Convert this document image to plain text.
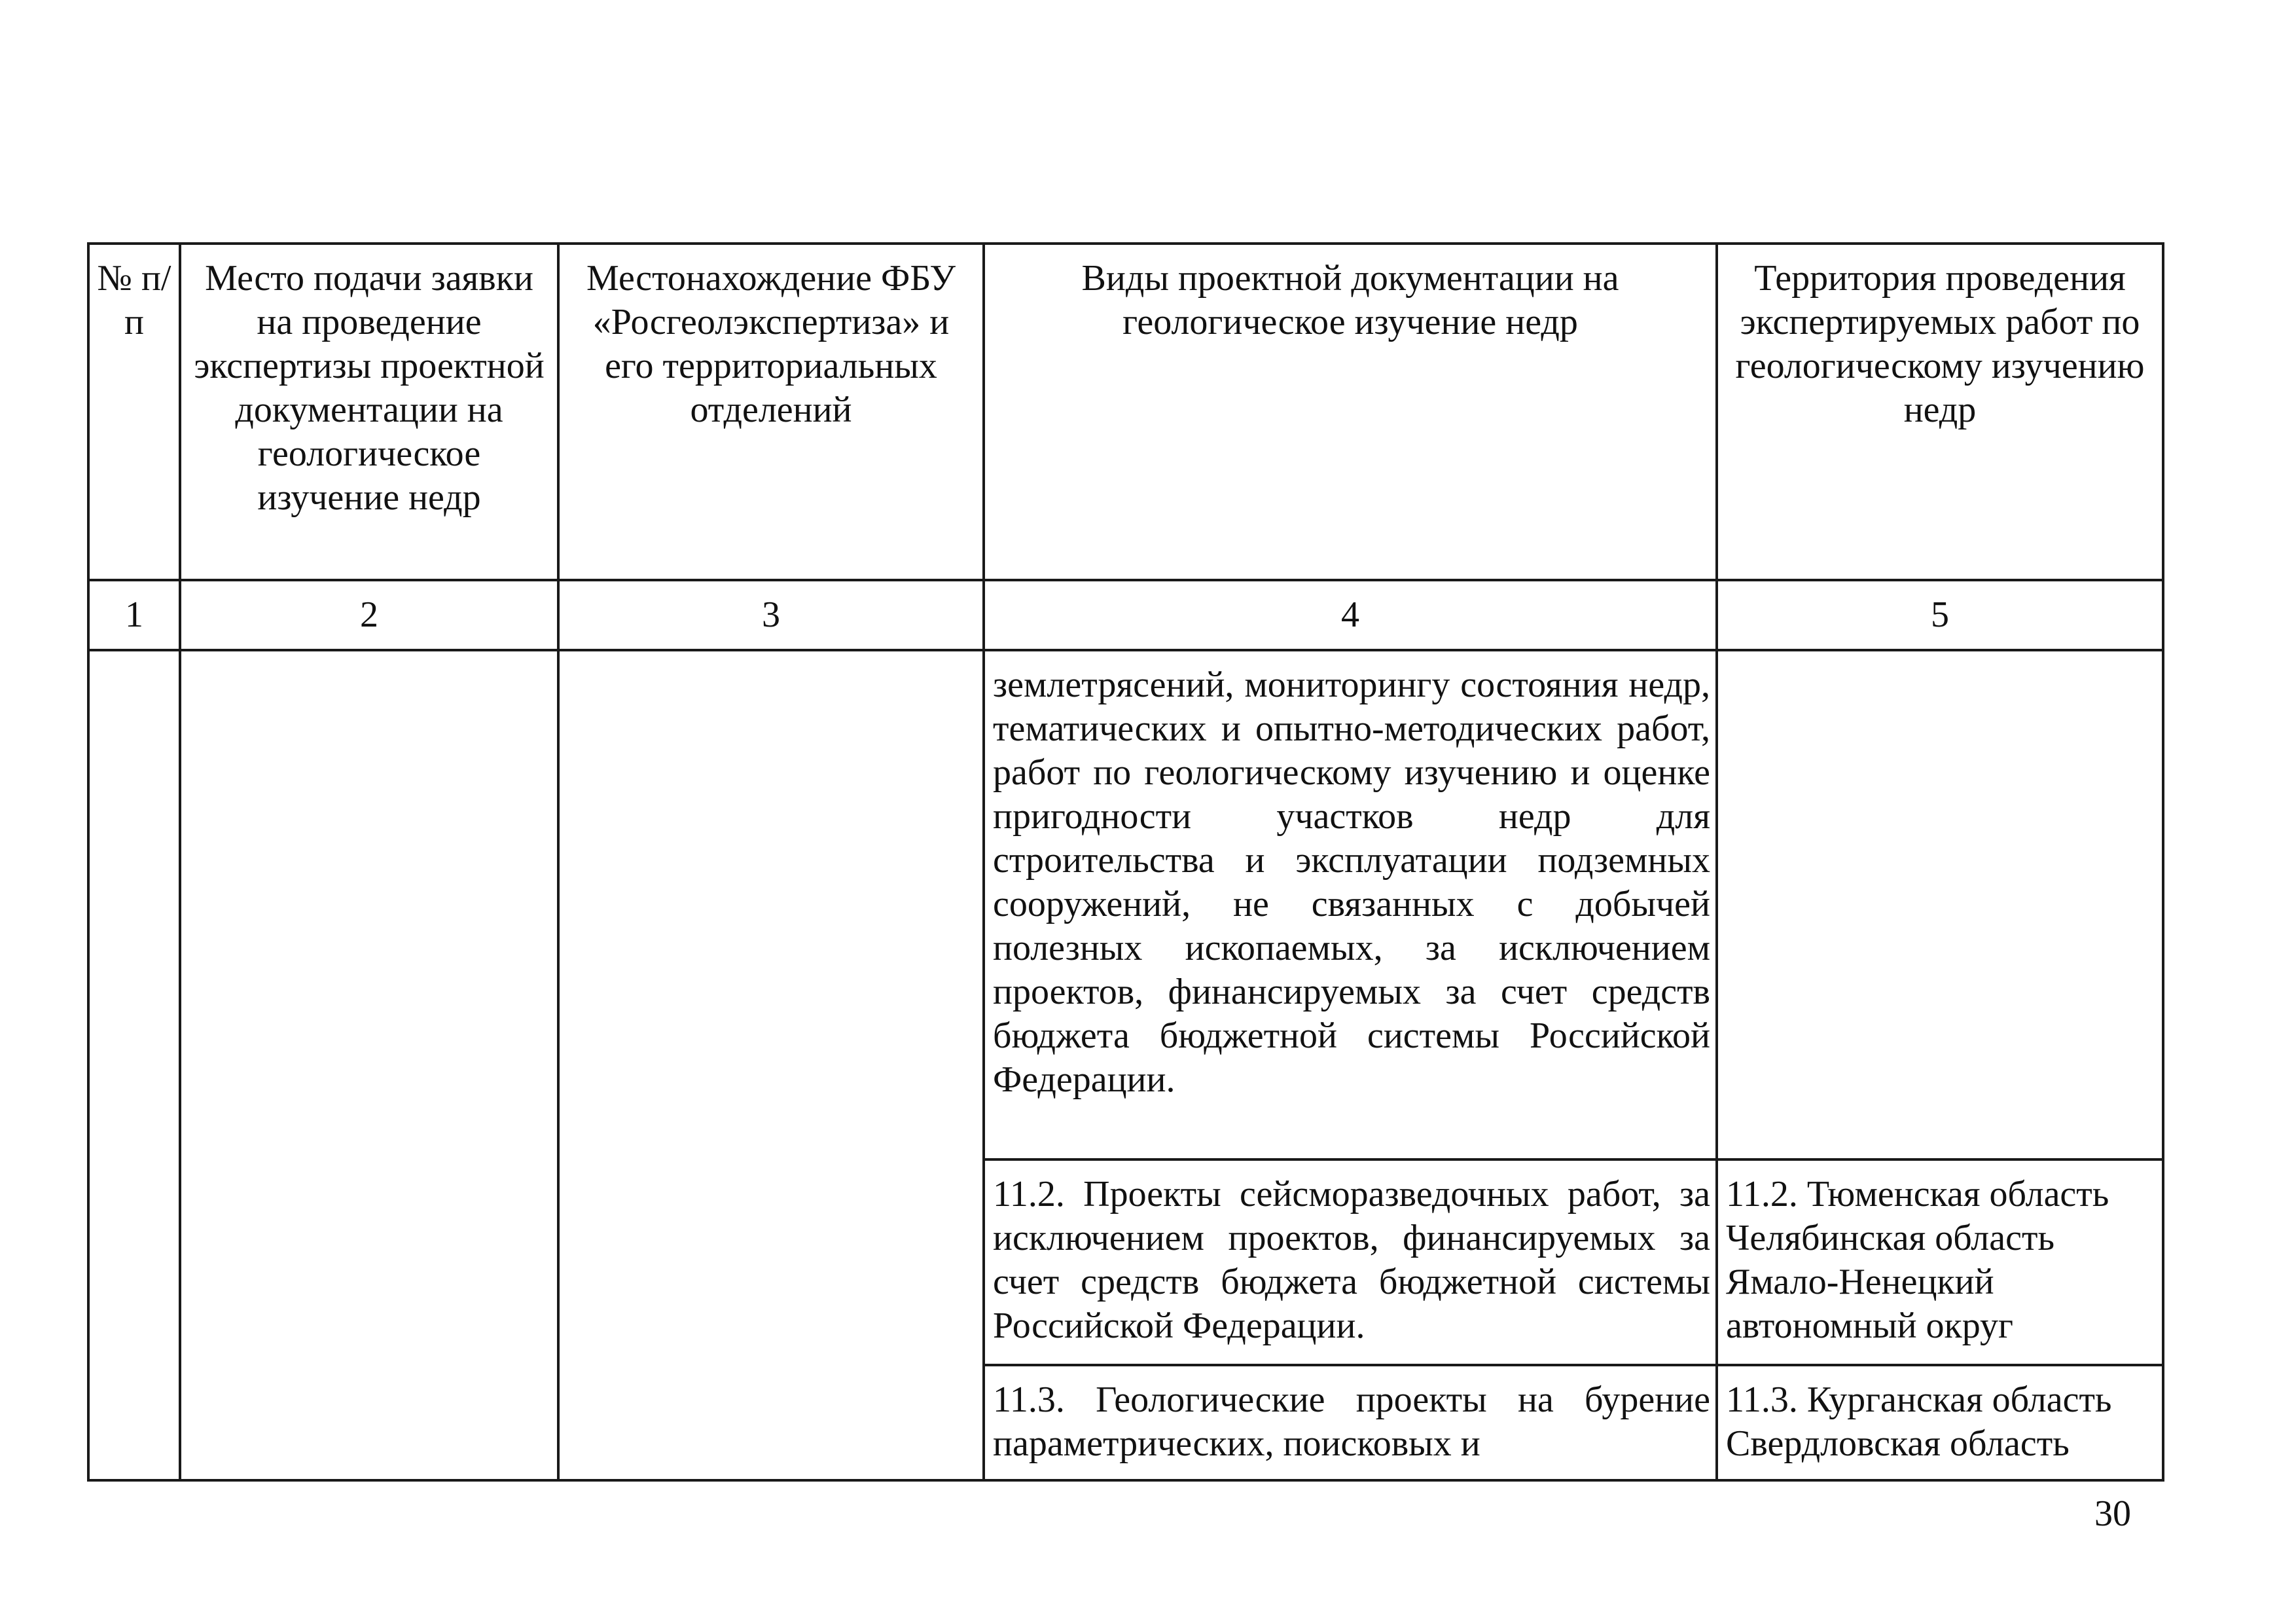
№ п/п	Место подачи заявки на проведение экспертизы проектной документации на геологическое изучение недр	Местонахождение ФБУ «Росгеолэкспертиза» и его территориальных отделений	Виды проектной документации на геологическое изучение недр	Территория проведения экспертируемых работ по геологическому изучению недр
1	2	3	4	5
			землетрясений, мониторингу состояния недр, тематических и опытно-методических работ, работ по геологическому изучению и оценке пригодности участков недр для строительства и эксплуатации подземных сооружений, не связанных с добычей полезных ископаемых, за исключением проектов, финансируемых за счет средств бюджета бюджетной системы Российской Федерации.	
			11.2. Проекты сейсморазведочных работ, за исключением проектов, финансируемых за счет средств бюджета бюджетной системы Российской Федерации.	11.2. Тюменская область
Челябинская область
Ямало-Ненецкий автономный округ

			11.3. Геологические проекты на бурение параметрических, поисковых и	11.3. Курганская область
Свердловская область
30
